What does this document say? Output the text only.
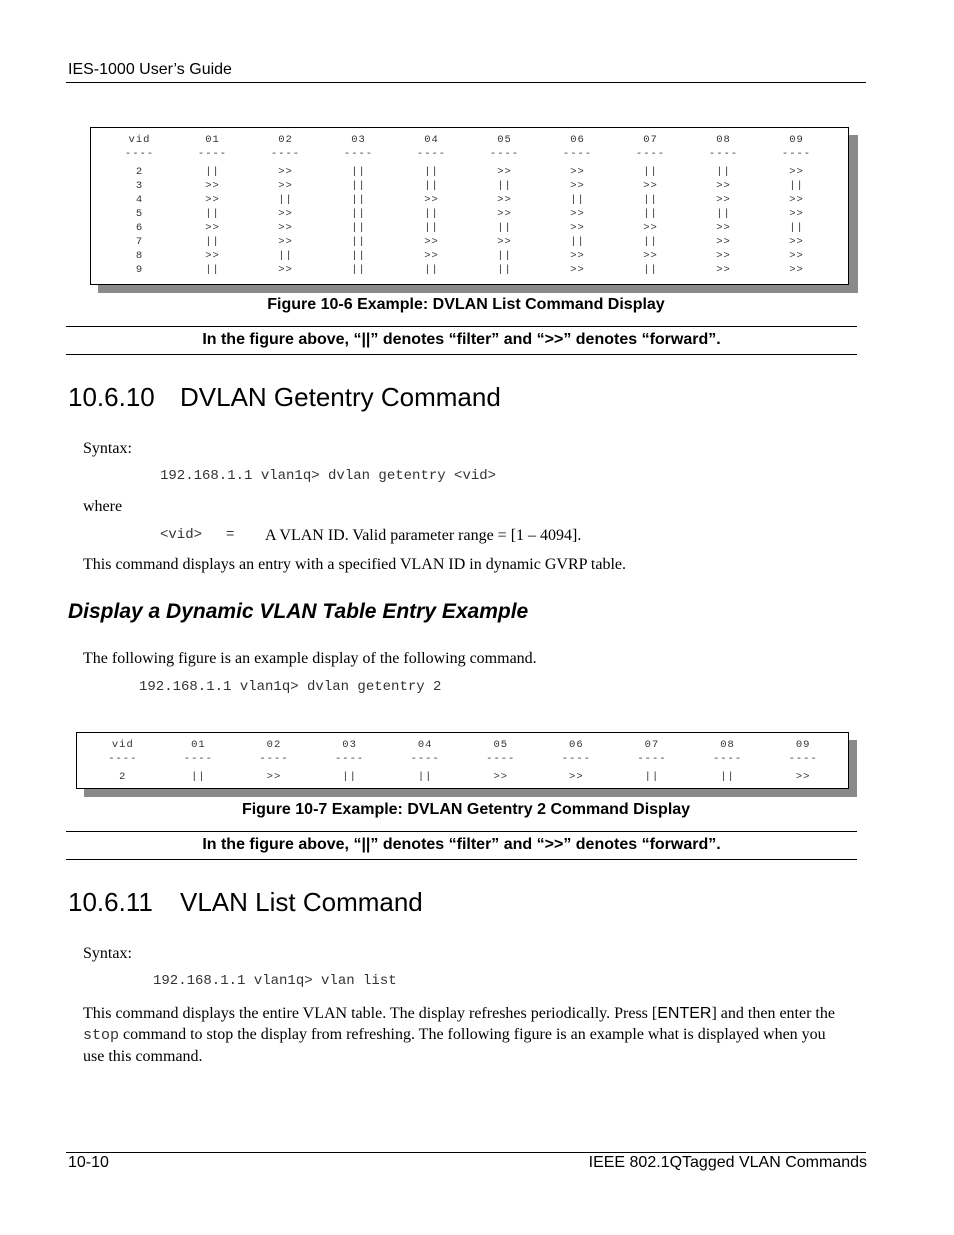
IES-1000 User’s Guide
vid	01	02	03	04	05	06	07	08	09
----	----	----	----	----	----	----	----	----	----

2	||	>>	||	||	>>	>>	||	||	>>
3	>>	>>	||	||	||	>>	>>	>>	||
4	>>	||	||	>>	>>	||	||	>>	>>
5	||	>>	||	||	>>	>>	||	||	>>
6	>>	>>	||	||	||	>>	>>	>>	||
7	||	>>	||	>>	>>	||	||	>>	>>
8	>>	||	||	>>	||	>>	>>	>>	>>
9	||	>>	||	||	||	>>	||	>>	>>
Figure 10-6 Example: DVLAN List Command Display
In the figure above, “||” denotes “filter” and “>>” denotes “forward”.
10.6.10 DVLAN Getentry Command
Syntax:
192.168.1.1 vlan1q> dvlan getentry <vid>
where
<vid> = A VLAN ID. Valid parameter range = [1 – 4094].
This command displays an entry with a specified VLAN ID in dynamic GVRP table.
Display a Dynamic VLAN Table Entry Example
The following figure is an example display of the following command.
192.168.1.1 vlan1q> dvlan getentry 2
vid	01	02	03	04	05	06	07	08	09
----	----	----	----	----	----	----	----	----	----

2	||	>>	||	||	>>	>>	||	||	>>
Figure 10-7 Example: DVLAN Getentry 2 Command Display
In the figure above, “||” denotes “filter” and “>>” denotes “forward”.
10.6.11 VLAN List Command
Syntax:
192.168.1.1 vlan1q> vlan list
This command displays the entire VLAN table. The display refreshes periodically. Press [ENTER] and then enter the stop command to stop the display from refreshing. The following figure is an example what is displayed when you use this command.
10-10	IEEE 802.1QTagged VLAN Commands
